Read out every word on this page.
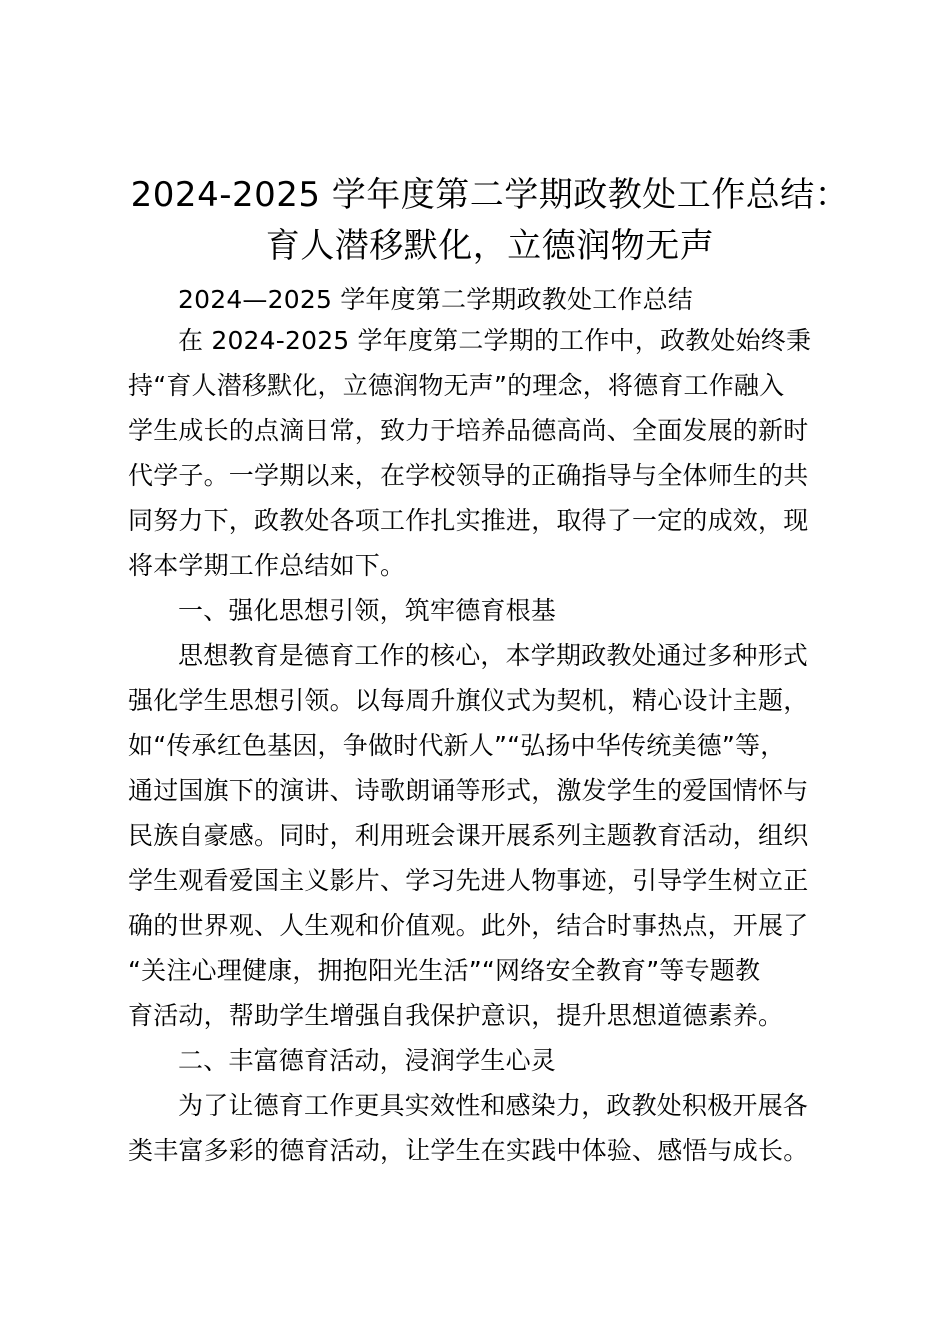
2024-2025 学年度第二学期政教处工作总结：
育人潜移默化，立德润物无声
2024—2025 学年度第二学期政教处工作总结
在 2024-2025 学年度第二学期的工作中，政教处始终秉
持“育人潜移默化，立德润物无声”的理念，将德育工作融入
学生成长的点滴日常，致力于培养品德高尚、全面发展的新时
代学子。一学期以来，在学校领导的正确指导与全体师生的共
同努力下，政教处各项工作扎实推进，取得了一定的成效，现
将本学期工作总结如下。
一、强化思想引领，筑牢德育根基
思想教育是德育工作的核心，本学期政教处通过多种形式
强化学生思想引领。以每周升旗仪式为契机，精心设计主题，
如“传承红色基因，争做时代新人”“弘扬中华传统美德”等，
通过国旗下的演讲、诗歌朗诵等形式，激发学生的爱国情怀与
民族自豪感。同时，利用班会课开展系列主题教育活动，组织
学生观看爱国主义影片、学习先进人物事迹，引导学生树立正
确的世界观、人生观和价值观。此外，结合时事热点，开展了
“关注心理健康，拥抱阳光生活”“网络安全教育”等专题教
育活动，帮助学生增强自我保护意识，提升思想道德素养。
二、丰富德育活动，浸润学生心灵
为了让德育工作更具实效性和感染力，政教处积极开展各
类丰富多彩的德育活动，让学生在实践中体验、感悟与成长。
